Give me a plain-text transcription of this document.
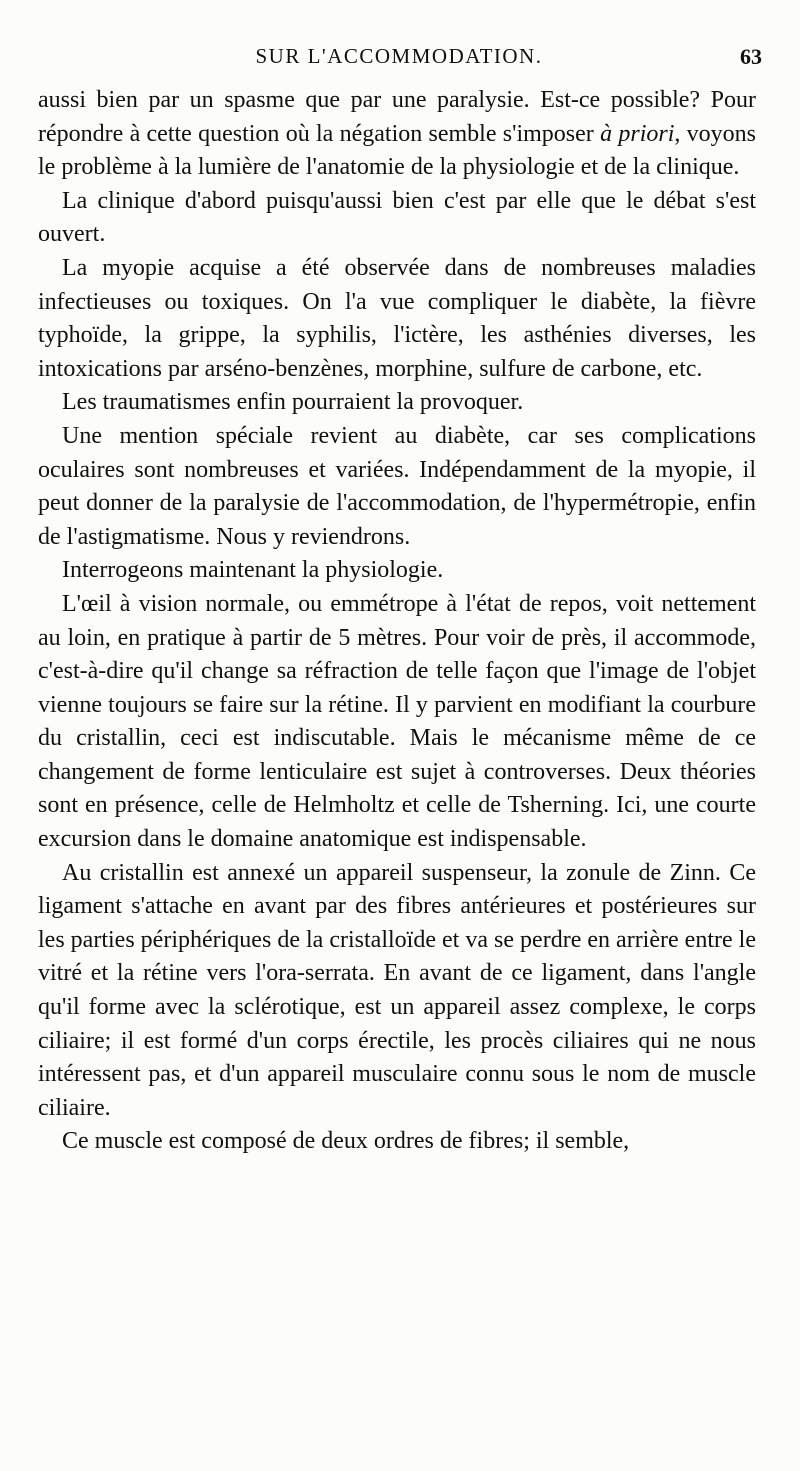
SUR L'ACCOMMODATION.	63

aussi bien par un spasme que par une paralysie. Est-ce possible? Pour répondre à cette question où la négation semble s'imposer à priori, voyons le problème à la lumière de l'anatomie de la physiologie et de la clinique.

La clinique d'abord puisqu'aussi bien c'est par elle que le débat s'est ouvert.

La myopie acquise a été observée dans de nombreuses maladies infectieuses ou toxiques. On l'a vue compliquer le diabète, la fièvre typhoïde, la grippe, la syphilis, l'ictère, les asthénies diverses, les intoxications par arséno-benzènes, morphine, sulfure de carbone, etc.

Les traumatismes enfin pourraient la provoquer.

Une mention spéciale revient au diabète, car ses complications oculaires sont nombreuses et variées. Indépendamment de la myopie, il peut donner de la paralysie de l'accommodation, de l'hypermétropie, enfin de l'astigmatisme. Nous y reviendrons.

Interrogeons maintenant la physiologie.

L'œil à vision normale, ou emmétrope à l'état de repos, voit nettement au loin, en pratique à partir de 5 mètres. Pour voir de près, il accommode, c'est-à-dire qu'il change sa réfraction de telle façon que l'image de l'objet vienne toujours se faire sur la rétine. Il y parvient en modifiant la courbure du cristallin, ceci est indiscutable. Mais le mécanisme même de ce changement de forme lenticulaire est sujet à controverses. Deux théories sont en présence, celle de Helmholtz et celle de Tsherning. Ici, une courte excursion dans le domaine anatomique est indispensable.

Au cristallin est annexé un appareil suspenseur, la zonule de Zinn. Ce ligament s'attache en avant par des fibres antérieures et postérieures sur les parties périphériques de la cristalloïde et va se perdre en arrière entre le vitré et la rétine vers l'ora-serrata. En avant de ce ligament, dans l'angle qu'il forme avec la sclérotique, est un appareil assez complexe, le corps ciliaire; il est formé d'un corps érectile, les procès ciliaires qui ne nous intéressent pas, et d'un appareil musculaire connu sous le nom de muscle ciliaire.

Ce muscle est composé de deux ordres de fibres; il semble,
